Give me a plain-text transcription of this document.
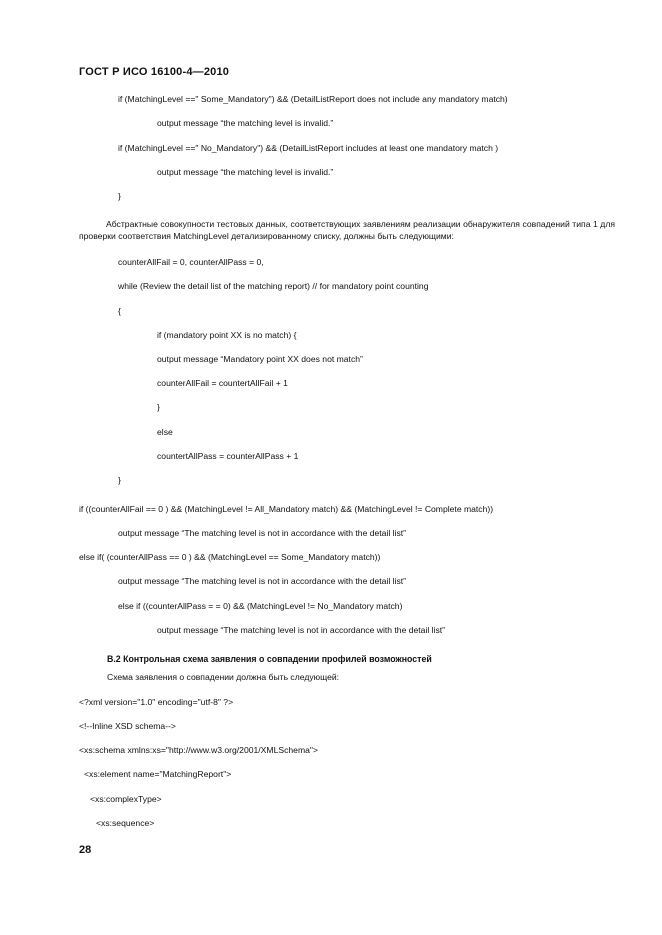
ГОСТ Р ИСО 16100-4—2010
if (MatchingLevel ==" Some_Mandatory") && (DetailListReport does not include any mandatory match)
output message “the matching level is invalid.”
if (MatchingLevel ==" No_Mandatory") && (DetailListReport includes at least one mandatory match )
output message “the matching level is invalid.”
}
Абстрактные совокупности тестовых данных, соответствующих заявлениям реализации обнаружителя совпадений типа 1 для проверки соответствия MatchingLevel детализированному списку, должны быть следующими:
counterAllFail = 0, counterAllPass = 0,
while (Review the detail list of the matching report) // for mandatory point counting
{
if (mandatory point XX is no match) {
output message “Mandatory point XX does not match”
counterAllFail = countertAllFail + 1
}
else
countertAllPass = counterAllPass + 1
}
if ((counterAllFail == 0 ) && (MatchingLevel != All_Mandatory match) && (MatchingLevel != Complete match))
output message “The matching level is not in accordance with the detail list”
else if( (counterAllPass == 0 ) && (MatchingLevel == Some_Mandatory match))
output message “The matching level is not in accordance with the detail list”
else if ((counterAllPass = = 0) && (MatchingLevel != No_Mandatory match)
output message “The matching level is not in accordance with the detail list”
B.2 Контрольная схема заявления о совпадении профилей возможностей
Схема заявления о совпадении должна быть следующей:
<?xml version="1.0" encoding="utf-8" ?>
<!--Inline XSD schema-->
<xs:schema xmlns:xs="http://www.w3.org/2001/XMLSchema">
<xs:element name="MatchingReport">
<xs:complexType>
<xs:sequence>
28
